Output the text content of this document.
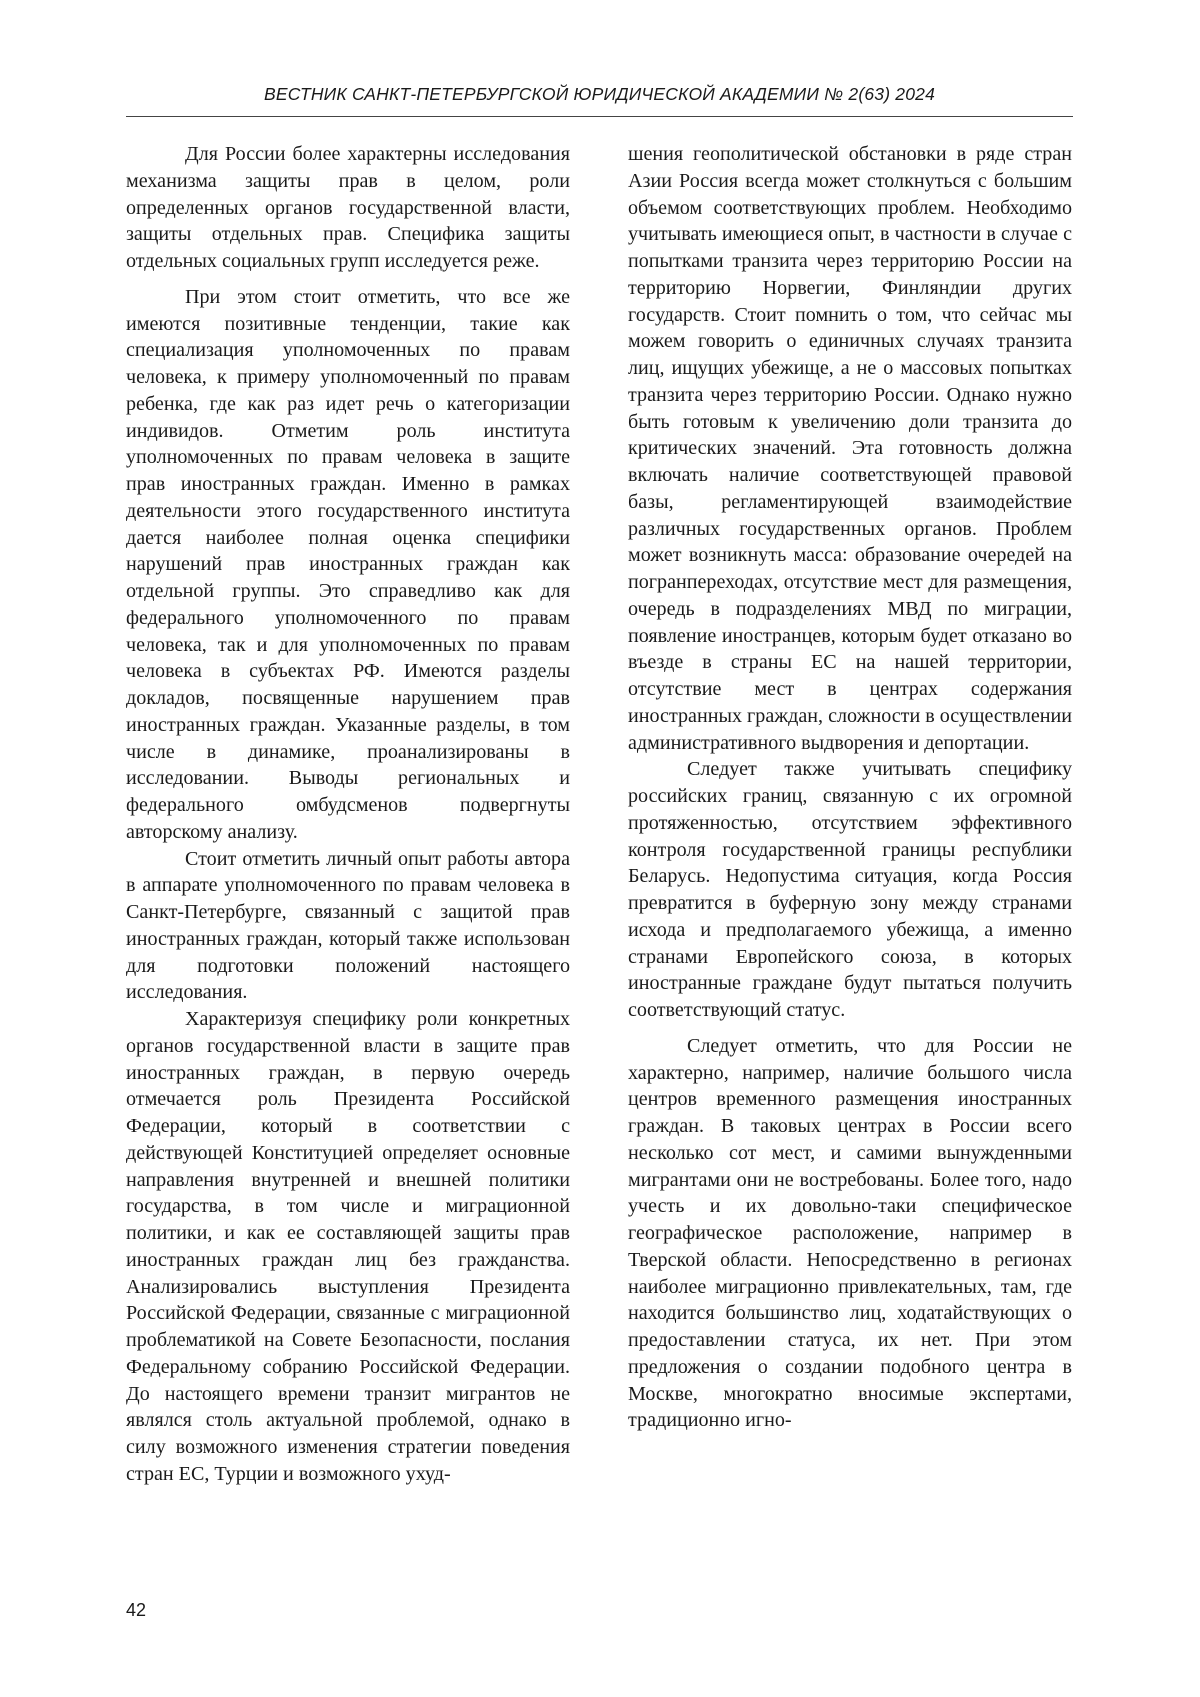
ВЕСТНИК САНКТ-ПЕТЕРБУРГСКОЙ ЮРИДИЧЕСКОЙ АКАДЕМИИ № 2(63) 2024

Для России более характерны исследования механизма защиты прав в целом, роли определенных органов государственной власти, защиты отдельных прав. Специфика защиты отдельных социальных групп исследуется реже.

При этом стоит отметить, что все же имеются позитивные тенденции, такие как специализация уполномоченных по правам человека, к примеру уполномоченный по правам ребенка, где как раз идет речь о категоризации индивидов. Отметим роль института уполномоченных по правам человека в защите прав иностранных граждан. Именно в рамках деятельности этого государственного института дается наиболее полная оценка специфики нарушений прав иностранных граждан как отдельной группы. Это справедливо как для федерального уполномоченного по правам человека, так и для уполномоченных по правам человека в субъектах РФ. Имеются разделы докладов, посвященные нарушением прав иностранных граждан. Указанные разделы, в том числе в динамике, проанализированы в исследовании. Выводы региональных и федерального омбудсменов подвергнуты авторскому анализу.

Стоит отметить личный опыт работы автора в аппарате уполномоченного по правам человека в Санкт-Петербурге, связанный с защитой прав иностранных граждан, который также использован для подготовки положений настоящего исследования.

Характеризуя специфику роли конкретных органов государственной власти в защите прав иностранных граждан, в первую очередь отмечается роль Президента Российской Федерации, который в соответствии с действующей Конституцией определяет основные направления внутренней и внешней политики государства, в том числе и миграционной политики, и как ее составляющей защиты прав иностранных граждан лиц без гражданства. Анализировались выступления Президента Российской Федерации, связанные с миграционной проблематикой на Совете Безопасности, послания Федеральному собранию Российской Федерации. До настоящего времени транзит мигрантов не являлся столь актуальной проблемой, однако в силу возможного изменения стратегии поведения стран ЕС, Турции и возможного ухуд-

шения геополитической обстановки в ряде стран Азии Россия всегда может столкнуться с большим объемом соответствующих проблем. Необходимо учитывать имеющиеся опыт, в частности в случае с попытками транзита через территорию России на территорию Норвегии, Финляндии других государств. Стоит помнить о том, что сейчас мы можем говорить о единичных случаях транзита лиц, ищущих убежище, а не о массовых попытках транзита через территорию России. Однако нужно быть готовым к увеличению доли транзита до критических значений. Эта готовность должна включать наличие соответствующей правовой базы, регламентирующей взаимодействие различных государственных органов. Проблем может возникнуть масса: образование очередей на погранпереходах, отсутствие мест для размещения, очередь в подразделениях МВД по миграции, появление иностранцев, которым будет отказано во въезде в страны ЕС на нашей территории, отсутствие мест в центрах содержания иностранных граждан, сложности в осуществлении административного выдворения и депортации.

Следует также учитывать специфику российских границ, связанную с их огромной протяженностью, отсутствием эффективного контроля государственной границы республики Беларусь. Недопустима ситуация, когда Россия превратится в буферную зону между странами исхода и предполагаемого убежища, а именно странами Европейского союза, в которых иностранные граждане будут пытаться получить соответствующий статус.

Следует отметить, что для России не характерно, например, наличие большого числа центров временного размещения иностранных граждан. В таковых центрах в России всего несколько сот мест, и самими вынужденными мигрантами они не востребованы. Более того, надо учесть и их довольно-таки специфическое географическое расположение, например в Тверской области. Непосредственно в регионах наиболее миграционно привлекательных, там, где находится большинство лиц, ходатайствующих о предоставлении статуса, их нет. При этом предложения о создании подобного центра в Москве, многократно вносимые экспертами, традиционно игно-

42
